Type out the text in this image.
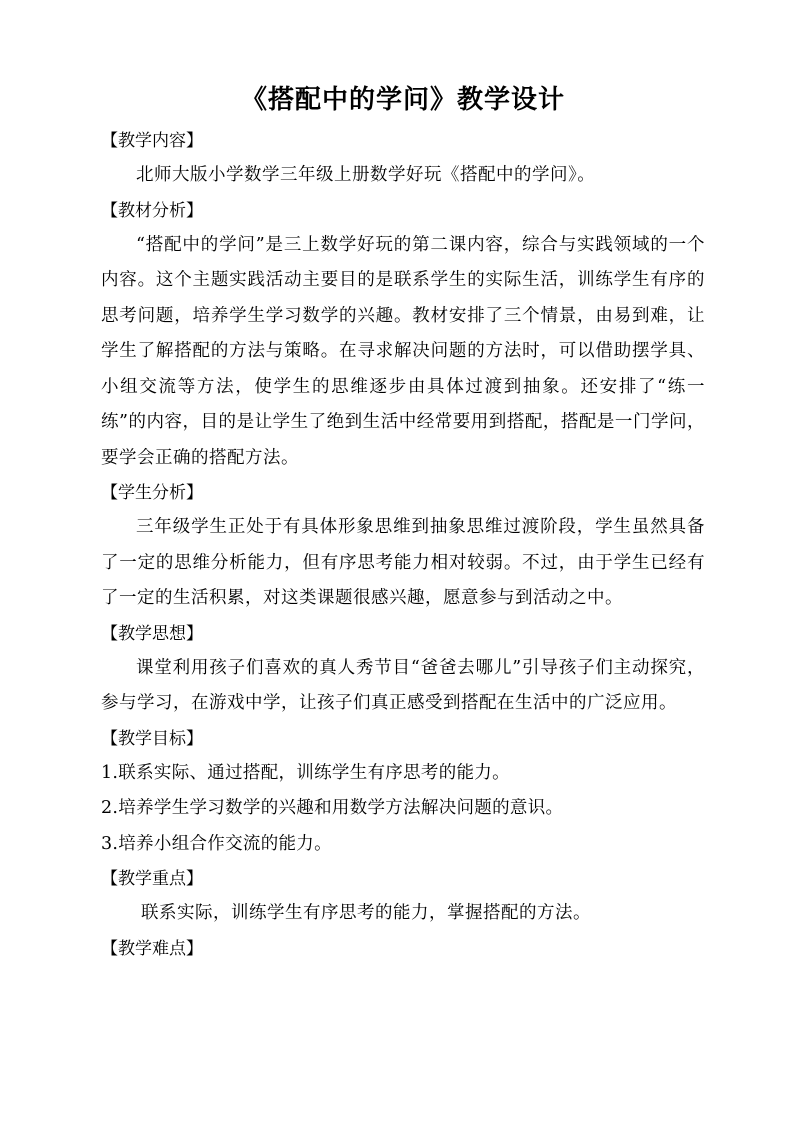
《搭配中的学问》教学设计

【教学内容】

北师大版小学数学三年级上册数学好玩《搭配中的学问》。

【教材分析】

“搭配中的学问”是三上数学好玩的第二课内容，综合与实践领域的一个内容。这个主题实践活动主要目的是联系学生的实际生活，训练学生有序的思考问题，培养学生学习数学的兴趣。教材安排了三个情景，由易到难，让学生了解搭配的方法与策略。在寻求解决问题的方法时，可以借助摆学具、小组交流等方法，使学生的思维逐步由具体过渡到抽象。还安排了“练一练”的内容，目的是让学生了绝到生活中经常要用到搭配，搭配是一门学问，要学会正确的搭配方法。

【学生分析】

三年级学生正处于有具体形象思维到抽象思维过渡阶段，学生虽然具备了一定的思维分析能力，但有序思考能力相对较弱。不过，由于学生已经有了一定的生活积累，对这类课题很感兴趣，愿意参与到活动之中。

【教学思想】

课堂利用孩子们喜欢的真人秀节目“爸爸去哪儿”引导孩子们主动探究，参与学习，在游戏中学，让孩子们真正感受到搭配在生活中的广泛应用。

【教学目标】

1.联系实际、通过搭配，训练学生有序思考的能力。

2.培养学生学习数学的兴趣和用数学方法解决问题的意识。

3.培养小组合作交流的能力。

【教学重点】

联系实际，训练学生有序思考的能力，掌握搭配的方法。

【教学难点】
